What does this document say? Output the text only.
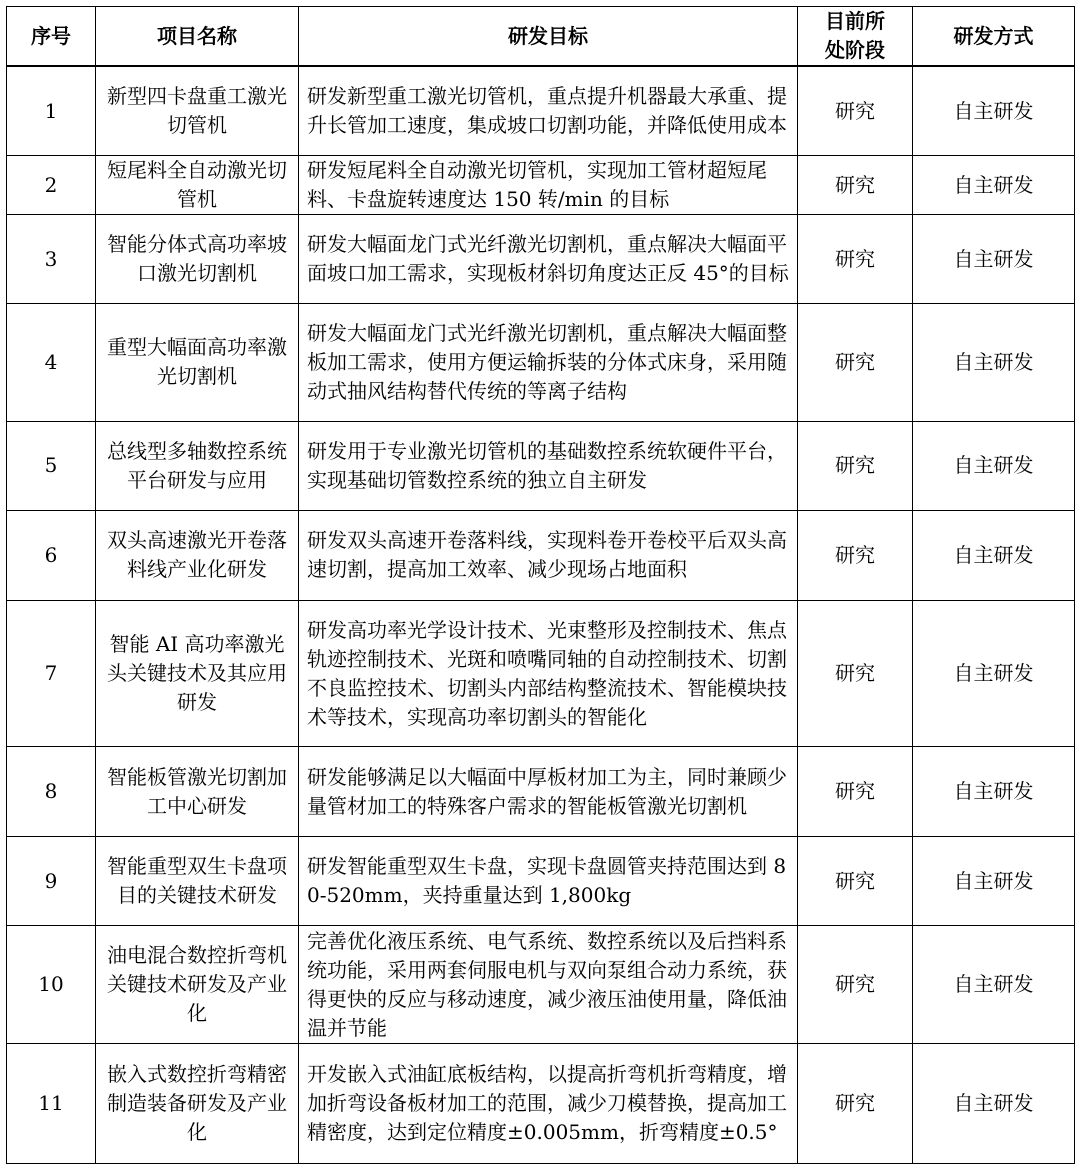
序号	项目名称	研发目标	目前所处阶段	研发方式
1	新型四卡盘重工激光切管机	研发新型重工激光切管机，重点提升机器最大承重、提升长管加工速度，集成坡口切割功能，并降低使用成本	研究	自主研发
2	短尾料全自动激光切管机	研发短尾料全自动激光切管机，实现加工管材超短尾料、卡盘旋转速度达 150 转/min 的目标	研究	自主研发
3	智能分体式高功率坡口激光切割机	研发大幅面龙门式光纤激光切割机，重点解决大幅面平面坡口加工需求，实现板材斜切角度达正反 45°的目标	研究	自主研发
4	重型大幅面高功率激光切割机	研发大幅面龙门式光纤激光切割机，重点解决大幅面整板加工需求，使用方便运输拆装的分体式床身，采用随动式抽风结构替代传统的等离子结构	研究	自主研发
5	总线型多轴数控系统平台研发与应用	研发用于专业激光切管机的基础数控系统软硬件平台，实现基础切管数控系统的独立自主研发	研究	自主研发
6	双头高速激光开卷落料线产业化研发	研发双头高速开卷落料线，实现料卷开卷校平后双头高速切割，提高加工效率、减少现场占地面积	研究	自主研发
7	智能 AI 高功率激光头关键技术及其应用研发	研发高功率光学设计技术、光束整形及控制技术、焦点轨迹控制技术、光斑和喷嘴同轴的自动控制技术、切割不良监控技术、切割头内部结构整流技术、智能模块技术等技术，实现高功率切割头的智能化	研究	自主研发
8	智能板管激光切割加工中心研发	研发能够满足以大幅面中厚板材加工为主，同时兼顾少量管材加工的特殊客户需求的智能板管激光切割机	研究	自主研发
9	智能重型双生卡盘项目的关键技术研发	研发智能重型双生卡盘，实现卡盘圆管夹持范围达到 80-520mm，夹持重量达到 1,800kg	研究	自主研发
10	油电混合数控折弯机关键技术研发及产业化	完善优化液压系统、电气系统、数控系统以及后挡料系统功能，采用两套伺服电机与双向泵组合动力系统，获得更快的反应与移动速度，减少液压油使用量，降低油温并节能	研究	自主研发
11	嵌入式数控折弯精密制造装备研发及产业化	开发嵌入式油缸底板结构，以提高折弯机折弯精度，增加折弯设备板材加工的范围，减少刀模替换，提高加工精密度，达到定位精度±0.005mm，折弯精度±0.5°	研究	自主研发
